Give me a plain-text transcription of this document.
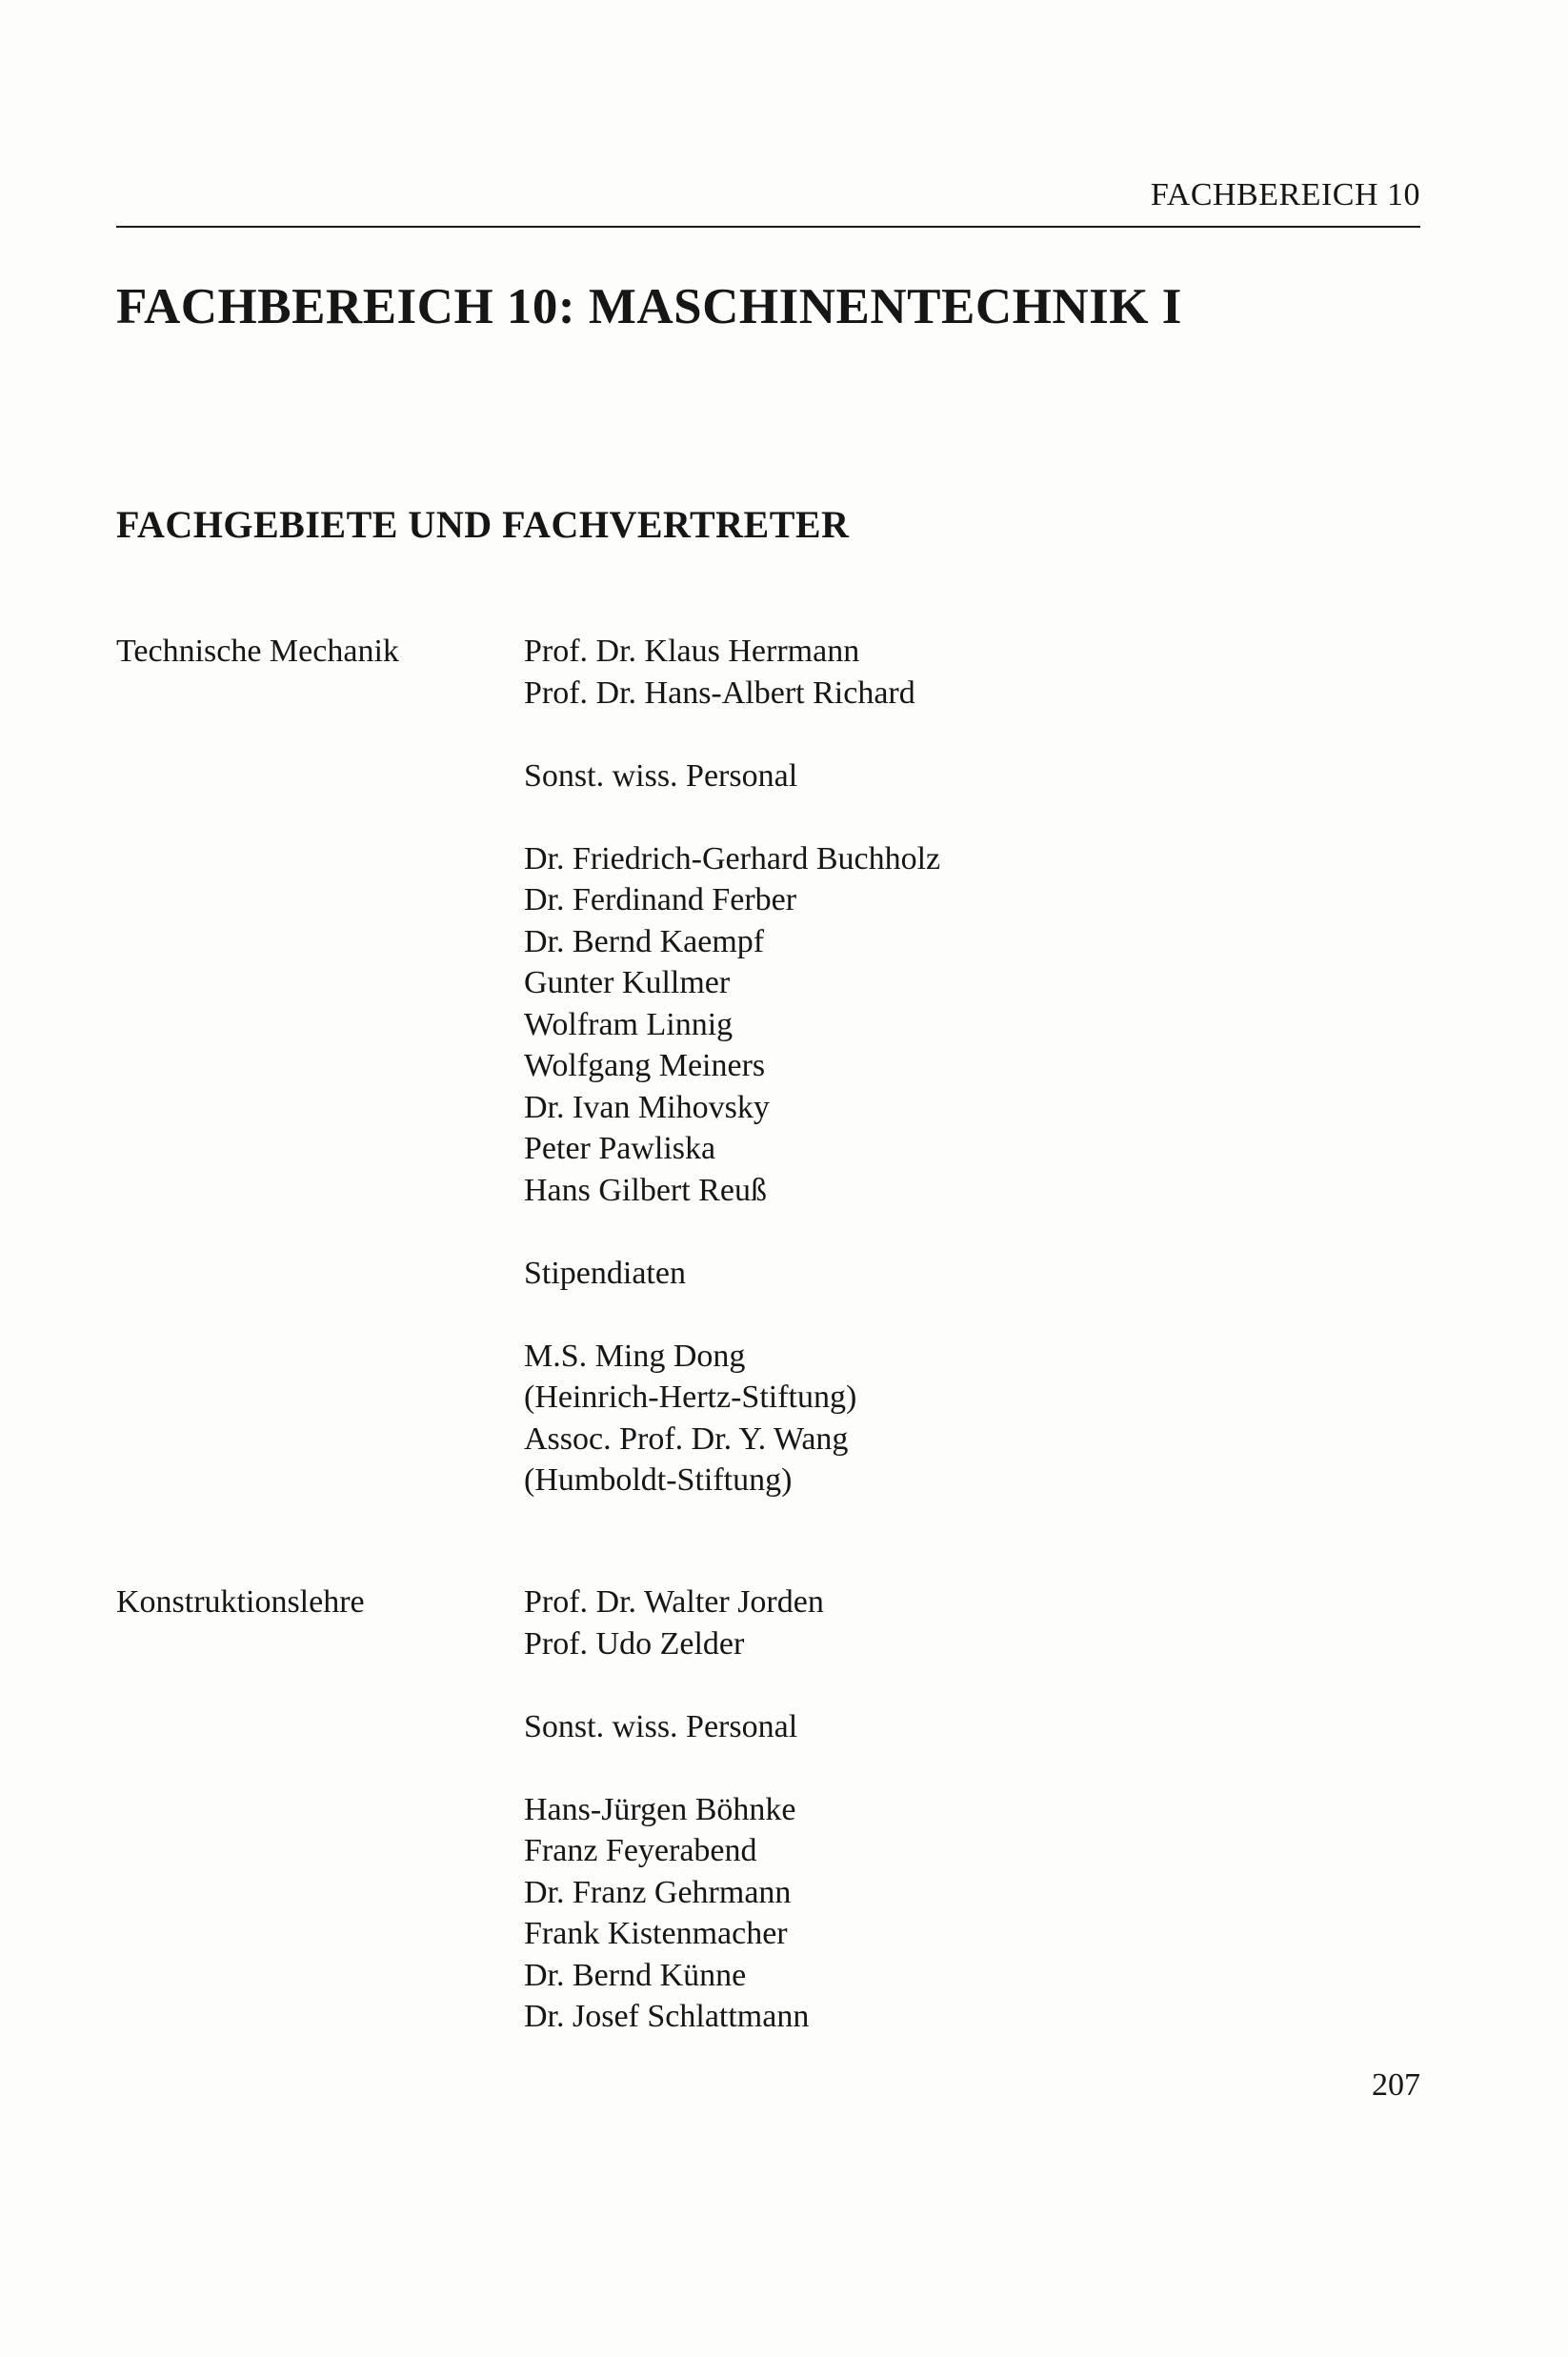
FACHBEREICH 10
FACHBEREICH 10: MASCHINENTECHNIK I
FACHGEBIETE UND FACHVERTRETER
Technische Mechanik	Prof. Dr. Klaus Herrmann
Prof. Dr. Hans-Albert Richard
Sonst. wiss. Personal
Dr. Friedrich-Gerhard Buchholz
Dr. Ferdinand Ferber
Dr. Bernd Kaempf
Gunter Kullmer
Wolfram Linnig
Wolfgang Meiners
Dr. Ivan Mihovsky
Peter Pawliska
Hans Gilbert Reuß
Stipendiaten
M.S. Ming Dong
(Heinrich-Hertz-Stiftung)
Assoc. Prof. Dr. Y. Wang
(Humboldt-Stiftung)
Konstruktionslehre	Prof. Dr. Walter Jorden
Prof. Udo Zelder
Sonst. wiss. Personal
Hans-Jürgen Böhnke
Franz Feyerabend
Dr. Franz Gehrmann
Frank Kistenmacher
Dr. Bernd Künne
Dr. Josef Schlattmann
207
